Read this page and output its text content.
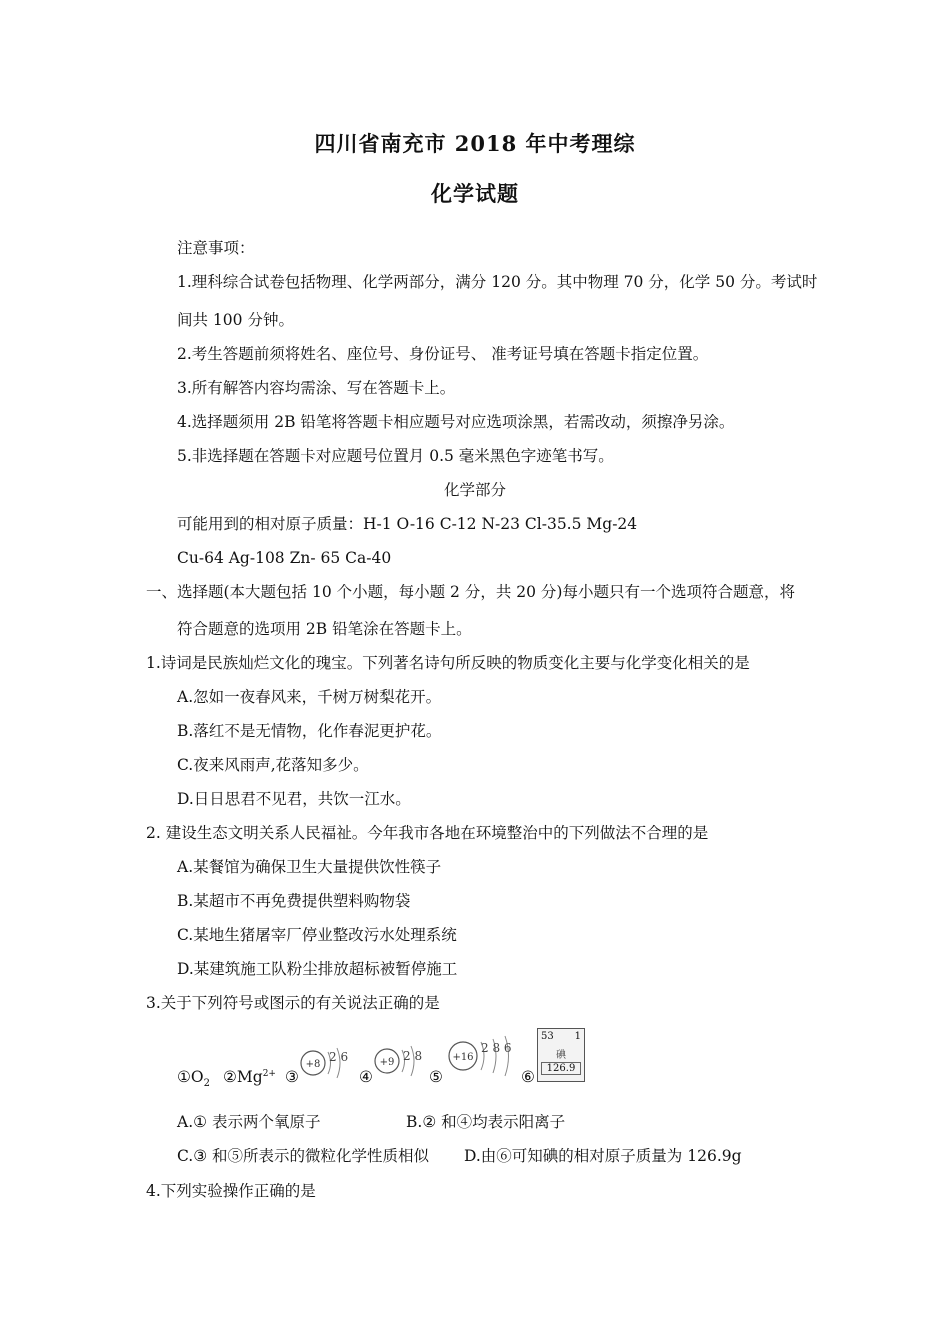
四川省南充市 2018 年中考理综
化学试题
注意事项：
1.理科综合试卷包括物理、化学两部分，满分 120 分。其中物理 70 分，化学 50 分。考试时
间共 100 分钟。
2.考生答题前须将姓名、座位号、身份证号、 准考证号填在答题卡指定位置。
3.所有解答内容均需涂、写在答题卡上。
4.选择题须用 2B 铅笔将答题卡相应题号对应选项涂黑，若需改动，须擦净另涂。
5.非选择题在答题卡对应题号位置月 0.5 毫米黑色字迹笔书写。
化学部分
可能用到的相对原子质量：H-1 O-16 C-12 N-23 Cl-35.5 Mg-24
Cu-64 Ag-108 Zn- 65 Ca-40
一、选择题(本大题包括 10 个小题，每小题 2 分，共 20 分)每小题只有一个选项符合题意，将
符合题意的选项用 2B 铅笔涂在答题卡上。
1.诗词是民族灿烂文化的瑰宝。下列著名诗句所反映的物质变化主要与化学变化相关的是
A.忽如一夜春风来，千树万树梨花开。
B.落红不是无情物，化作春泥更护花。
C.夜来风雨声,花落知多少。
D.日日思君不见君，共饮一江水。
2. 建设生态文明关系人民福祉。今年我市各地在环境整治中的下列做法不合理的是
A.某餐馆为确保卫生大量提供饮性筷子
B.某超市不再免费提供塑料购物袋
C.某地生猪屠宰厂停业整改污水处理系统
D.某建筑施工队粉尘排放超标被暂停施工
3.关于下列符号或图示的有关说法正确的是
$①O_2$ $②Mg^{2+}$ ③
+8
2 6
④
+9 2 8
⑤
+16
2 8 6
⑥
53 1
碘
126.9
A.① 表示两个氧原子	B.② 和④均表示阳离子
C.③ 和⑤所表示的微粒化学性质相似 D.由⑥可知碘的相对原子质量为 126.9g
4.下列实验操作正确的是
